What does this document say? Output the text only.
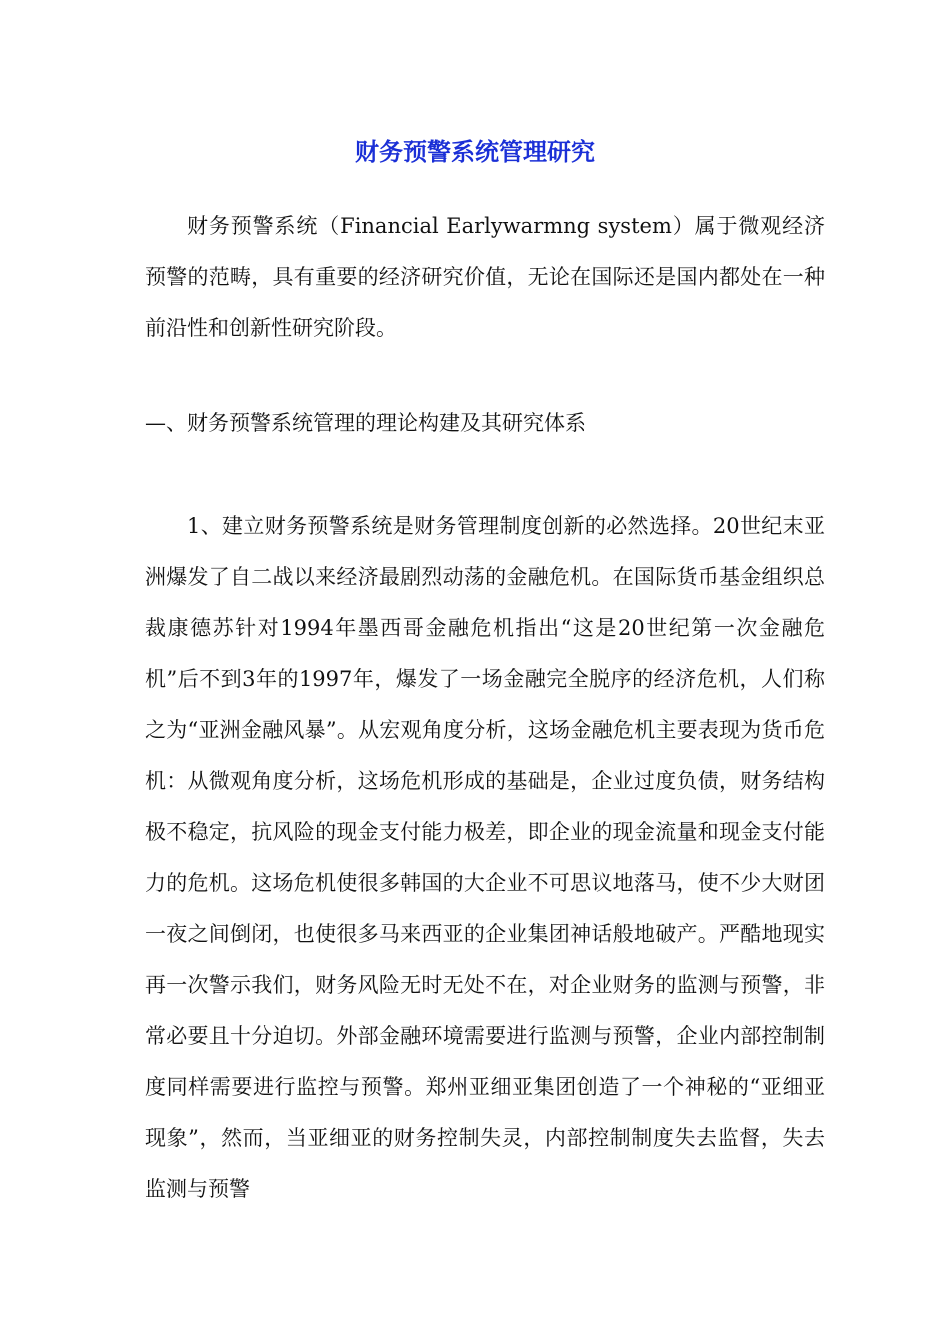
财务预警系统管理研究

财务预警系统（Financial Earlywarmng system）属于微观经济预警的范畴，具有重要的经济研究价值，无论在国际还是国内都处在一种前沿性和创新性研究阶段。

—、财务预警系统管理的理论构建及其研究体系

1、建立财务预警系统是财务管理制度创新的必然选择。20世纪末亚洲爆发了自二战以来经济最剧烈动荡的金融危机。在国际货币基金组织总裁康德苏针对1994年墨西哥金融危机指出“这是20世纪第一次金融危机”后不到3年的1997年，爆发了一场金融完全脱序的经济危机，人们称之为“亚洲金融风暴”。从宏观角度分析，这场金融危机主要表现为货币危机：从微观角度分析，这场危机形成的基础是，企业过度负债，财务结构极不稳定，抗风险的现金支付能力极差，即企业的现金流量和现金支付能力的危机。这场危机使很多韩国的大企业不可思议地落马，使不少大财团一夜之间倒闭，也使很多马来西亚的企业集团神话般地破产。严酷地现实再一次警示我们，财务风险无时无处不在，对企业财务的监测与预警，非常必要且十分迫切。外部金融环境需要进行监测与预警，企业内部控制制度同样需要进行监控与预警。郑州亚细亚集团创造了一个神秘的“亚细亚现象”，然而，当亚细亚的财务控制失灵，内部控制制度失去监督，失去监测与预警
